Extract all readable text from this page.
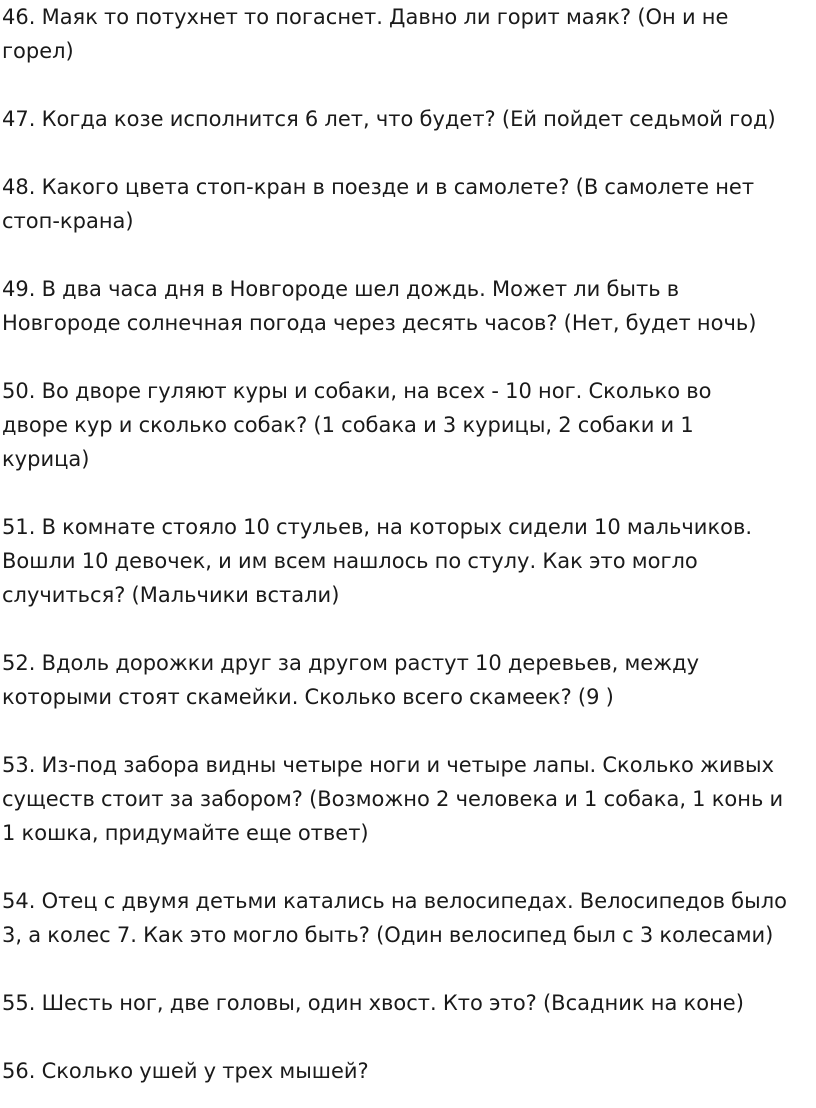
46. Маяк то потухнет то погаснет. Давно ли горит маяк? (Он и не
горел)

47. Когда козе исполнится 6 лет, что будет? (Ей пойдет седьмой год)

48. Какого цвета стоп-кран в поезде и в самолете? (В самолете нет
стоп-крана)

49. В два часа дня в Новгороде шел дождь. Может ли быть в
Новгороде солнечная погода через десять часов? (Нет, будет ночь)

50. Во дворе гуляют куры и собаки, на всех - 10 ног. Сколько во
дворе кур и сколько собак? (1 собака и 3 курицы, 2 собаки и 1
курица)

51. В комнате стояло 10 стульев, на которых сидели 10 мальчиков.
Вошли 10 девочек, и им всем нашлось по стулу. Как это могло
случиться? (Мальчики встали)

52. Вдоль дорожки друг за другом растут 10 деревьев, между
которыми стоят скамейки. Сколько всего скамеек? (9 )

53. Из-под забора видны четыре ноги и четыре лапы. Сколько живых
существ стоит за забором? (Возможно 2 человека и 1 собака, 1 конь и
1 кошка, придумайте еще ответ)

54. Отец с двумя детьми катались на велосипедах. Велосипедов было
3, а колес 7. Как это могло быть? (Один велосипед был с 3 колесами)

55. Шесть ног, две головы, один хвост. Кто это? (Всадник на коне)

56. Сколько ушей у трех мышей?
